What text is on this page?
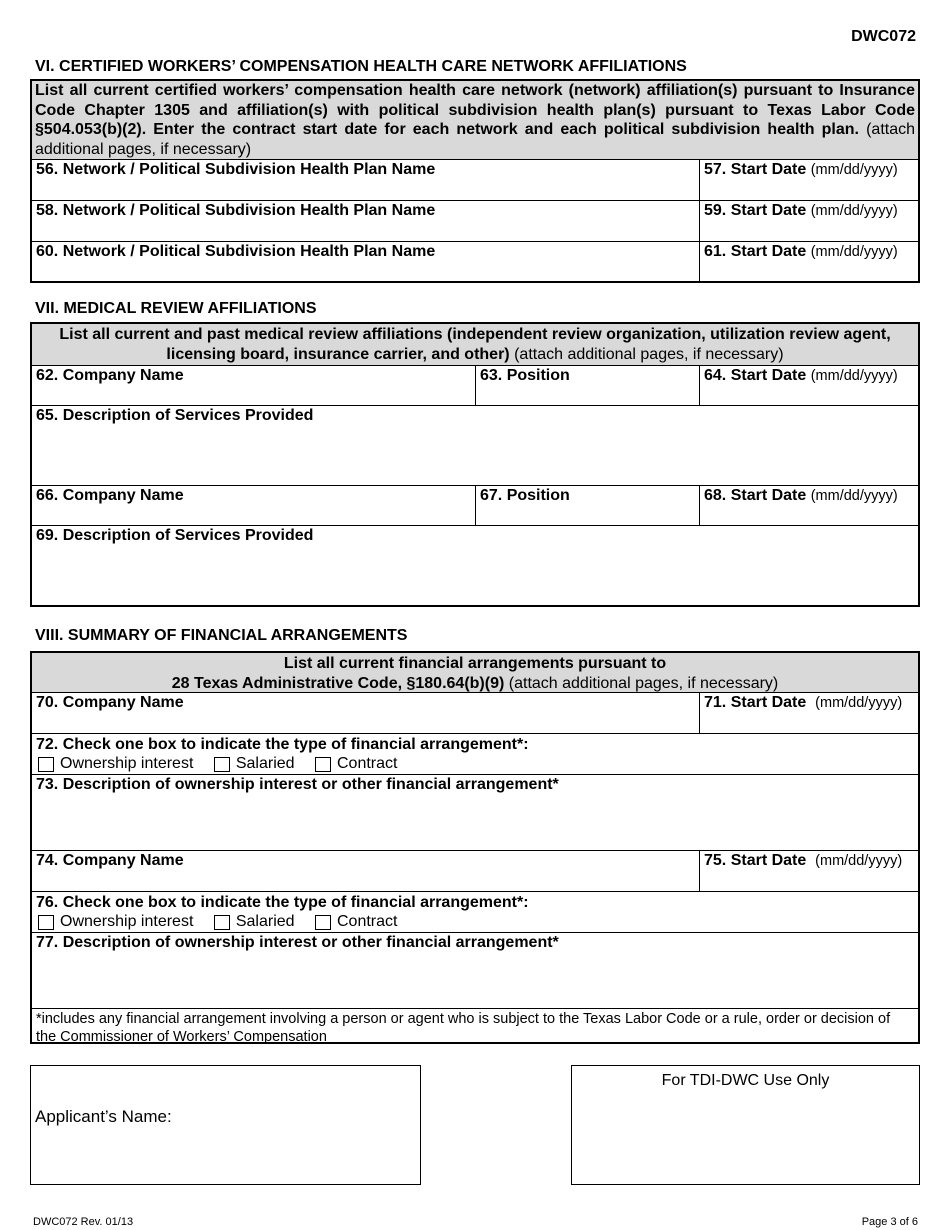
DWC072
VI. CERTIFIED WORKERS’ COMPENSATION HEALTH CARE NETWORK AFFILIATIONS
List all current certified workers’ compensation health care network (network) affiliation(s) pursuant to Insurance Code Chapter 1305 and affiliation(s) with political subdivision health plan(s) pursuant to Texas Labor Code §504.053(b)(2). Enter the contract start date for each network and each political subdivision health plan. (attach additional pages, if necessary)
56. Network / Political Subdivision Health Plan Name	57. Start Date (mm/dd/yyyy)
58. Network / Political Subdivision Health Plan Name	59. Start Date (mm/dd/yyyy)
60. Network / Political Subdivision Health Plan Name	61. Start Date (mm/dd/yyyy)
VII. MEDICAL REVIEW AFFILIATIONS
List all current and past medical review affiliations (independent review organization, utilization review agent, licensing board, insurance carrier, and other) (attach additional pages, if necessary)
62. Company Name	63. Position	64. Start Date (mm/dd/yyyy)
65. Description of Services Provided
66. Company Name	67. Position	68. Start Date (mm/dd/yyyy)
69. Description of Services Provided
VIII. SUMMARY OF FINANCIAL ARRANGEMENTS
List all current financial arrangements pursuant to
28 Texas Administrative Code, §180.64(b)(9) (attach additional pages, if necessary)
70. Company Name	71. Start Date (mm/dd/yyyy)
72. Check one box to indicate the type of financial arrangement*:
Ownership interest
	Salaried
	Contract
73. Description of ownership interest or other financial arrangement*
74. Company Name	75. Start Date (mm/dd/yyyy)
76. Check one box to indicate the type of financial arrangement*:
Ownership interest
	Salaried
	Contract
77. Description of ownership interest or other financial arrangement*
*includes any financial arrangement involving a person or agent who is subject to the Texas Labor Code or a rule, order or decision of the Commissioner of Workers’ Compensation
Applicant’s Name:
For TDI-DWC Use Only
DWC072 Rev. 01/13	Page 3 of 6
